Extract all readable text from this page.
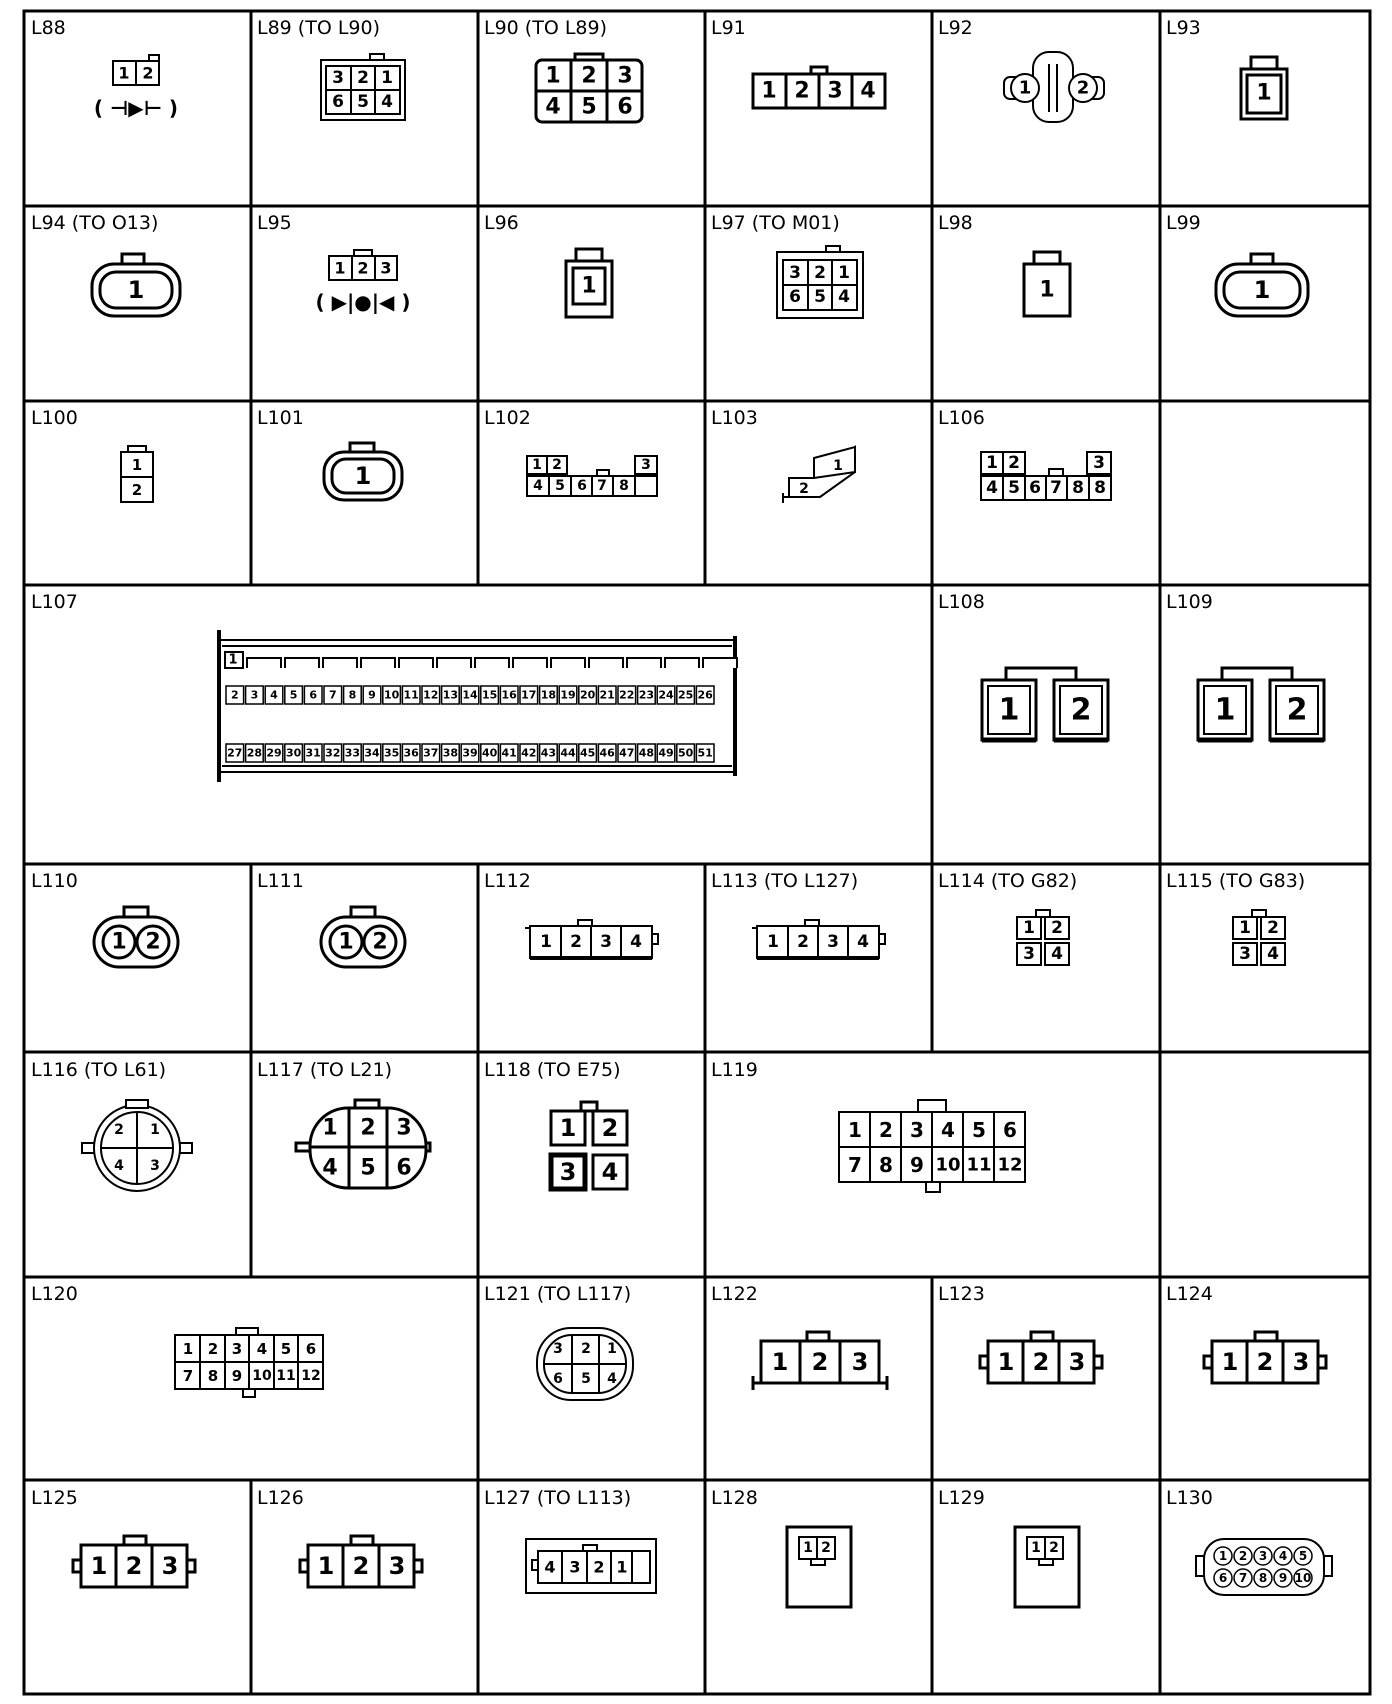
L88	L89 (TO L90)	L90 (TO L89)	L91	L92	L93
L94 (TO O13)	L95	L96	L97 (TO M01)	L98	L99
L100	L101	L102	L103	L106
L107	L108	L109
L110	L111	L112	L113 (TO L127)	L114 (TO G82)	L115 (TO G83)
L116 (TO L61)	L117 (TO L21)	L118 (TO E75)	L119
L120	L121 (TO L117)	L122	L123	L124
L125	L126	L127 (TO L113)	L128	L129	L130
1 2
( ⊣▶⊢ )
( ▶|●|◀ )
1
2
27
3
28
4
29
5
30
6
31
7
32
8
33
9
34
10
35
11
36
12
37
13
38
14
39
15
40
16
41
17
42
18
43
19
44
20
45
21
46
22
47
23
48
24
49
25
50
26
51
1
6
2
7
3
8
4
9
5
10
3 2 1
6 5 4
1 2 3
4 5 6
1 2 3 4	1	2	1
1
1 2 3
1
3 2 1
6 5 4	1	1
1
2	1	1 2	3
4 5 6 7 8
1
2
1 2	3
4 5 6 7 8 8
1 2	1 2
1 2	1 2	1 2 3 4	1 2 3 4
1 2
3 4
1 2
3 4
2 1
4 3
1 2 3
4 5 6
1 2
3 4
1 2 3 4 5 6
7 8 9 10 11 12
1 2 3 4 5 6
7 8 9 10 11 12
3 2 1
6 5 4
1 2 3	1 2 3	1 2 3
1 2 3	1 2 3	4 3 2 1
1 2	1 2
